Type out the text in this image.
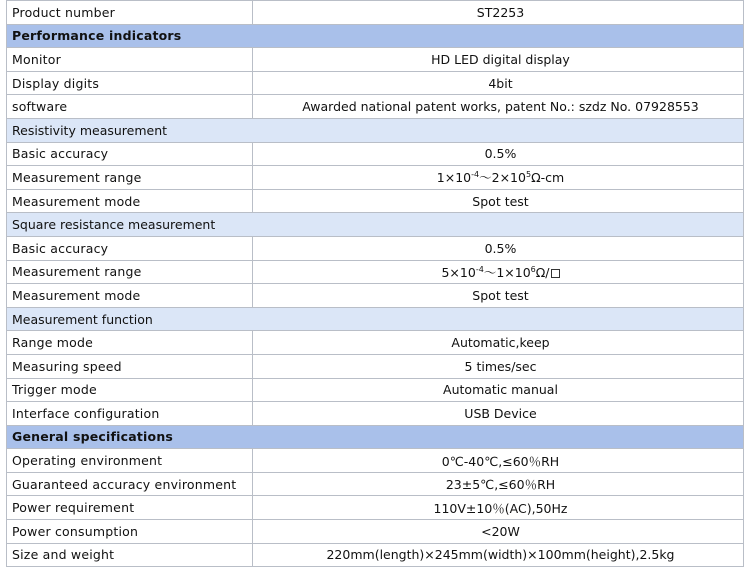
Product number	ST2253
Performance indicators	
Monitor	HD LED digital display
Display digits	4bit
software	Awarded national patent works, patent No.: szdz No. 07928553
Resistivity measurement	
Basic accuracy	0.5%
Measurement range	$1\times 10^{-4}\sim 2\times 10^5\Omega-cm$
Measurement mode	Spot test
Square resistance measurement	
Basic accuracy	0.5%
Measurement range	$5\times 10^{-4}\sim 1\times 10^6\Omega/$
Measurement mode	Spot test
Measurement function	
Range mode	Automatic,keep
Measuring speed	5 times/sec
Trigger mode	Automatic manual
Interface configuration	USB Device
General specifications	
Operating environment	0℃-40℃,≤60％RH
Guaranteed accuracy environment	23±5℃,≤60％RH
Power requirement	110V±10％(AC),50Hz
Power consumption	<20W
Size and weight	220mm(length)×245mm(width)×100mm(height),2.5kg
